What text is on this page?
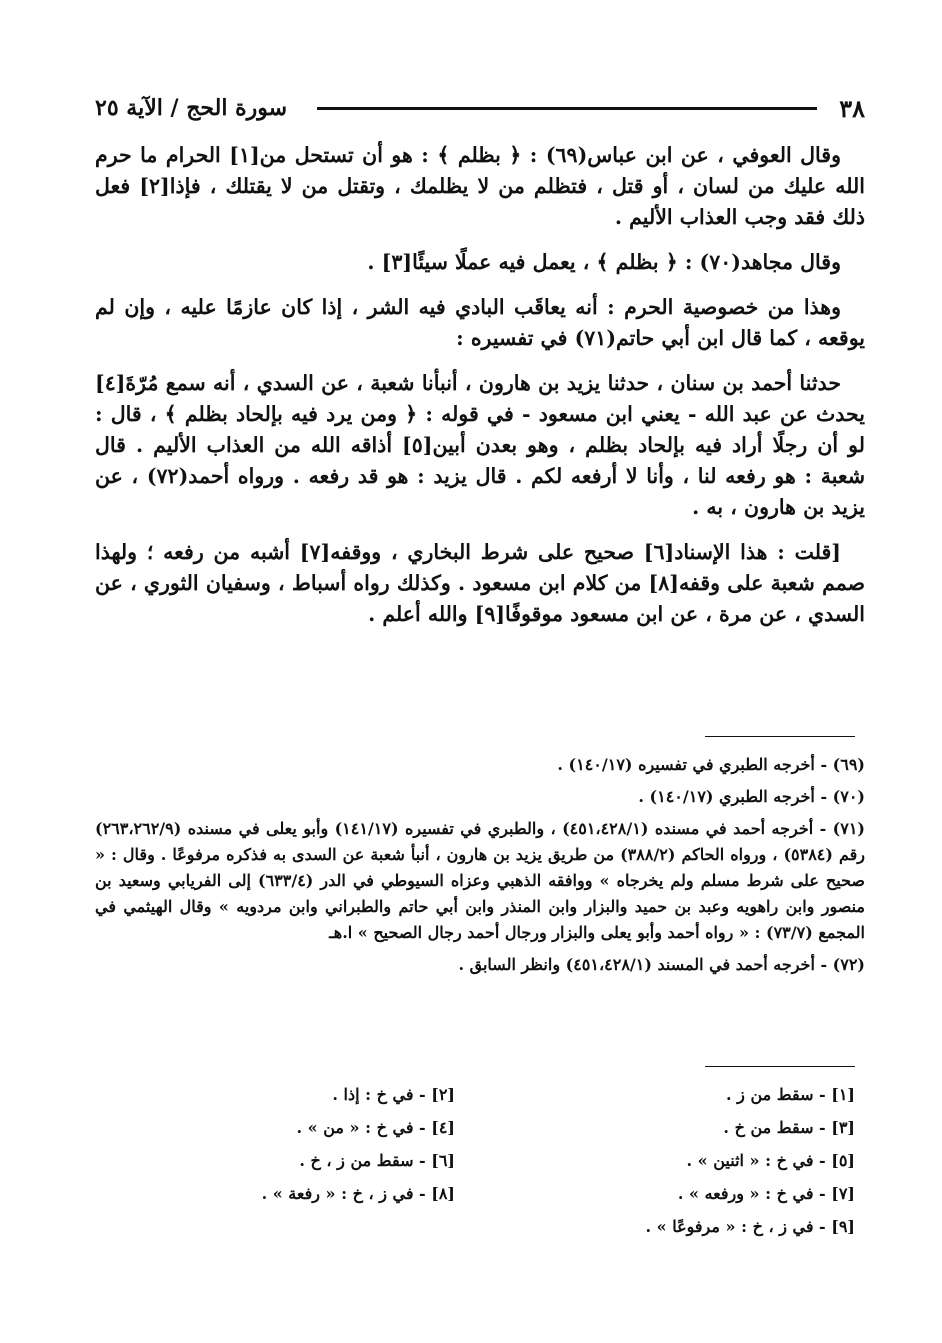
٣٨
سورة الحج / الآية ٢٥

وقال العوفي ، عن ابن عباس(٦٩) : ﴿ بظلم ﴾ : هو أن تستحل من[١] الحرام ما حرم الله عليك من لسان ، أو قتل ، فتظلم من لا يظلمك ، وتقتل من لا يقتلك ، فإذا[٢] فعل ذلك فقد وجب العذاب الأليم .

وقال مجاهد(٧٠) : ﴿ بظلم ﴾ ، يعمل فيه عملًا سيئًا[٣] .

وهذا من خصوصية الحرم : أنه يعاقَب البادي فيه الشر ، إذا كان عازمًا عليه ، وإن لم يوقعه ، كما قال ابن أبي حاتم(٧١) في تفسيره :

حدثنا أحمد بن سنان ، حدثنا يزيد بن هارون ، أنبأنا شعبة ، عن السدي ، أنه سمع مُرّةَ[٤] يحدث عن عبد الله - يعني ابن مسعود - في قوله : ﴿ ومن يرد فيه بإلحاد بظلم ﴾ ، قال : لو أن رجلًا أراد فيه بإلحاد بظلم ، وهو بعدن أبين[٥] أذاقه الله من العذاب الأليم . قال شعبة : هو رفعه لنا ، وأنا لا أرفعه لكم . قال يزيد : هو قد رفعه . ورواه أحمد(٧٢) ، عن يزيد بن هارون ، به .

[قلت : هذا الإسناد[٦] صحيح على شرط البخاري ، ووقفه[٧] أشبه من رفعه ؛ ولهذا صمم شعبة على وقفه[٨] من كلام ابن مسعود . وكذلك رواه أسباط ، وسفيان الثوري ، عن السدي ، عن مرة ، عن ابن مسعود موقوفًا[٩] والله أعلم .

(٦٩) - أخرجه الطبري في تفسيره (١٤٠/١٧) .

(٧٠) - أخرجه الطبري (١٤٠/١٧) .

(٧١) - أخرجه أحمد في مسنده (٤٥١،٤٢٨/١) ، والطبري في تفسيره (١٤١/١٧) وأبو يعلى في مسنده (٢٦٣،٢٦٢/٩) رقم (٥٣٨٤) ، ورواه الحاكم (٣٨٨/٢) من طريق يزيد بن هارون ، أنبأ شعبة عن السدى به فذكره مرفوعًا . وقال : « صحيح على شرط مسلم ولم يخرجاه » ووافقه الذهبي وعزاه السيوطي في الدر (٦٣٣/٤) إلى الفريابي وسعيد بن منصور وابن راهويه وعبد بن حميد والبزار وابن المنذر وابن أبي حاتم والطبراني وابن مردويه » وقال الهيثمي في المجمع (٧٣/٧) : « رواه أحمد وأبو يعلى والبزار ورجال أحمد رجال الصحيح » ا.هـ

(٧٢) - أخرجه أحمد في المسند (٤٥١،٤٢٨/١) وانظر السابق .

[١] - سقط من ز .
[٢] - في خ : إذا .
[٣] - سقط من خ .
[٤] - في خ : « من » .
[٥] - في خ : « اثنين » .
[٦] - سقط من ز ، خ .
[٧] - في خ : « ورفعه » .
[٨] - في ز ، خ : « رفعة » .
[٩] - في ز ، خ : « مرفوعًا » .
